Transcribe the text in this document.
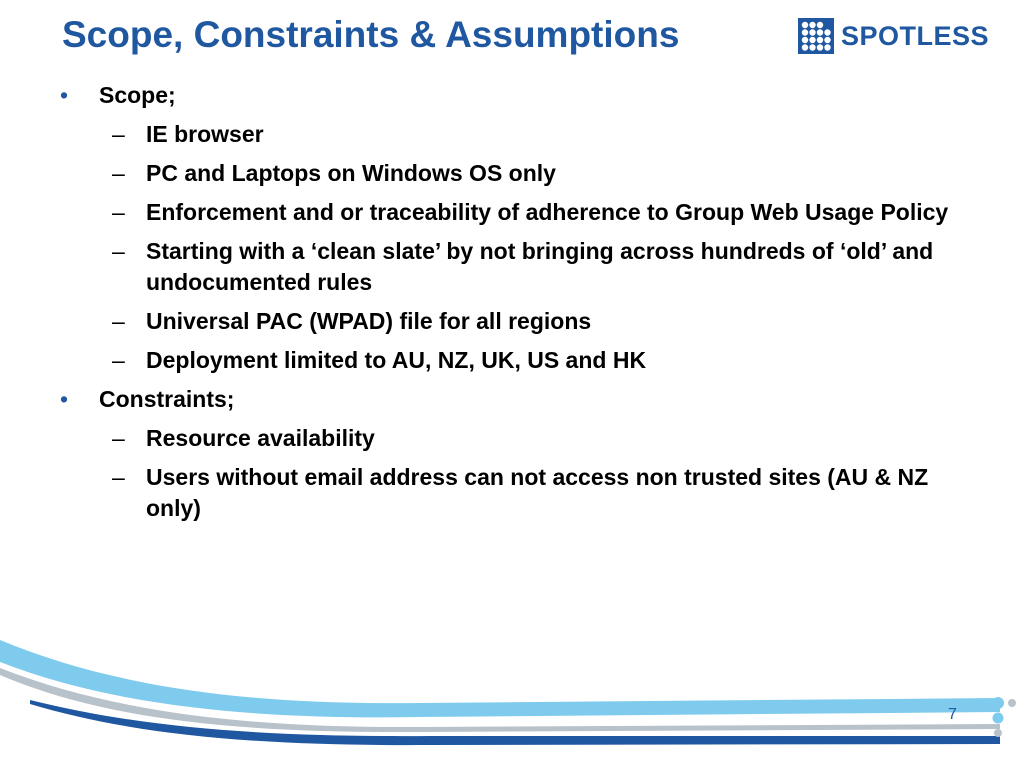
Scope, Constraints & Assumptions	SPOTLESS
• Scope;
– IE browser
– PC and Laptops on Windows OS only
– Enforcement and or traceability of adherence to Group Web Usage Policy
– Starting with a ‘clean slate’ by not bringing across hundreds of ‘old’ and undocumented rules
– Universal PAC (WPAD) file for all regions
– Deployment limited to AU, NZ, UK, US and HK
• Constraints;
– Resource availability
– Users without email address can not access non trusted sites (AU & NZ only)
7
